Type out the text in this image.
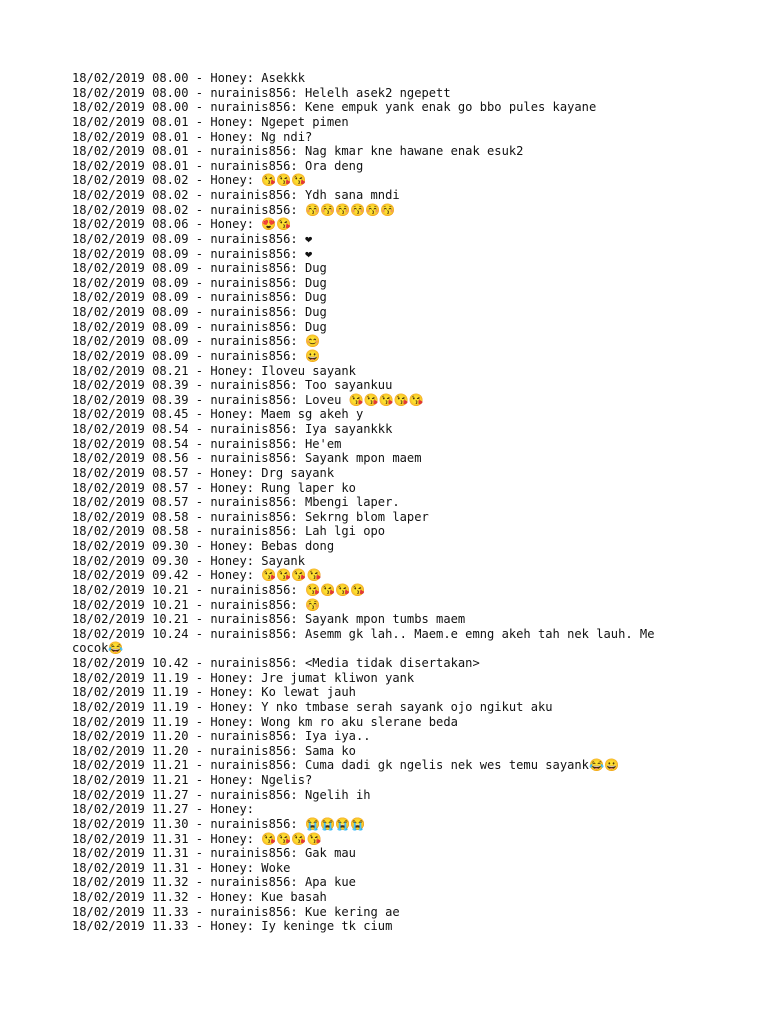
18/02/2019 08.00 - Honey: Asekkk
18/02/2019 08.00 - nurainis856: Helelh asek2 ngepett
18/02/2019 08.00 - nurainis856: Kene empuk yank enak go bbo pules kayane
18/02/2019 08.01 - Honey: Ngepet pimen
18/02/2019 08.01 - Honey: Ng ndi?
18/02/2019 08.01 - nurainis856: Nag kmar kne hawane enak esuk2
18/02/2019 08.01 - nurainis856: Ora deng
18/02/2019 08.02 - Honey: 😘😘😘
18/02/2019 08.02 - nurainis856: Ydh sana mndi
18/02/2019 08.02 - nurainis856: 😚😚😚😚😚😚
18/02/2019 08.06 - Honey: 😍😘
18/02/2019 08.09 - nurainis856: ❤
18/02/2019 08.09 - nurainis856: ❤
18/02/2019 08.09 - nurainis856: Dug
18/02/2019 08.09 - nurainis856: Dug
18/02/2019 08.09 - nurainis856: Dug
18/02/2019 08.09 - nurainis856: Dug
18/02/2019 08.09 - nurainis856: Dug
18/02/2019 08.09 - nurainis856: 😊
18/02/2019 08.09 - nurainis856: 😀
18/02/2019 08.21 - Honey: Iloveu sayank
18/02/2019 08.39 - nurainis856: Too sayankuu
18/02/2019 08.39 - nurainis856: Loveu 😘😘😘😘😘
18/02/2019 08.45 - Honey: Maem sg akeh y
18/02/2019 08.54 - nurainis856: Iya sayankkk
18/02/2019 08.54 - nurainis856: He'em
18/02/2019 08.56 - nurainis856: Sayank mpon maem
18/02/2019 08.57 - Honey: Drg sayank
18/02/2019 08.57 - Honey: Rung laper ko
18/02/2019 08.57 - nurainis856: Mbengi laper.
18/02/2019 08.58 - nurainis856: Sekrng blom laper
18/02/2019 08.58 - nurainis856: Lah lgi opo
18/02/2019 09.30 - Honey: Bebas dong
18/02/2019 09.30 - Honey: Sayank
18/02/2019 09.42 - Honey: 😘😘😘😘
18/02/2019 10.21 - nurainis856: 😘😘😘😘
18/02/2019 10.21 - nurainis856: 😚
18/02/2019 10.21 - nurainis856: Sayank mpon tumbs maem
18/02/2019 10.24 - nurainis856: Asemm gk lah.. Maem.e emng akeh tah nek lauh. Me
cocok😂
18/02/2019 10.42 - nurainis856: <Media tidak disertakan>
18/02/2019 11.19 - Honey: Jre jumat kliwon yank
18/02/2019 11.19 - Honey: Ko lewat jauh
18/02/2019 11.19 - Honey: Y nko tmbase serah sayank ojo ngikut aku
18/02/2019 11.19 - Honey: Wong km ro aku slerane beda
18/02/2019 11.20 - nurainis856: Iya iya..
18/02/2019 11.20 - nurainis856: Sama ko
18/02/2019 11.21 - nurainis856: Cuma dadi gk ngelis nek wes temu sayank😂😀
18/02/2019 11.21 - Honey: Ngelis?
18/02/2019 11.27 - nurainis856: Ngelih ih
18/02/2019 11.27 - Honey:
18/02/2019 11.30 - nurainis856: 😭😭😭😭
18/02/2019 11.31 - Honey: 😘😘😘😘
18/02/2019 11.31 - nurainis856: Gak mau
18/02/2019 11.31 - Honey: Woke
18/02/2019 11.32 - nurainis856: Apa kue
18/02/2019 11.32 - Honey: Kue basah
18/02/2019 11.33 - nurainis856: Kue kering ae
18/02/2019 11.33 - Honey: Iy keninge tk cium
